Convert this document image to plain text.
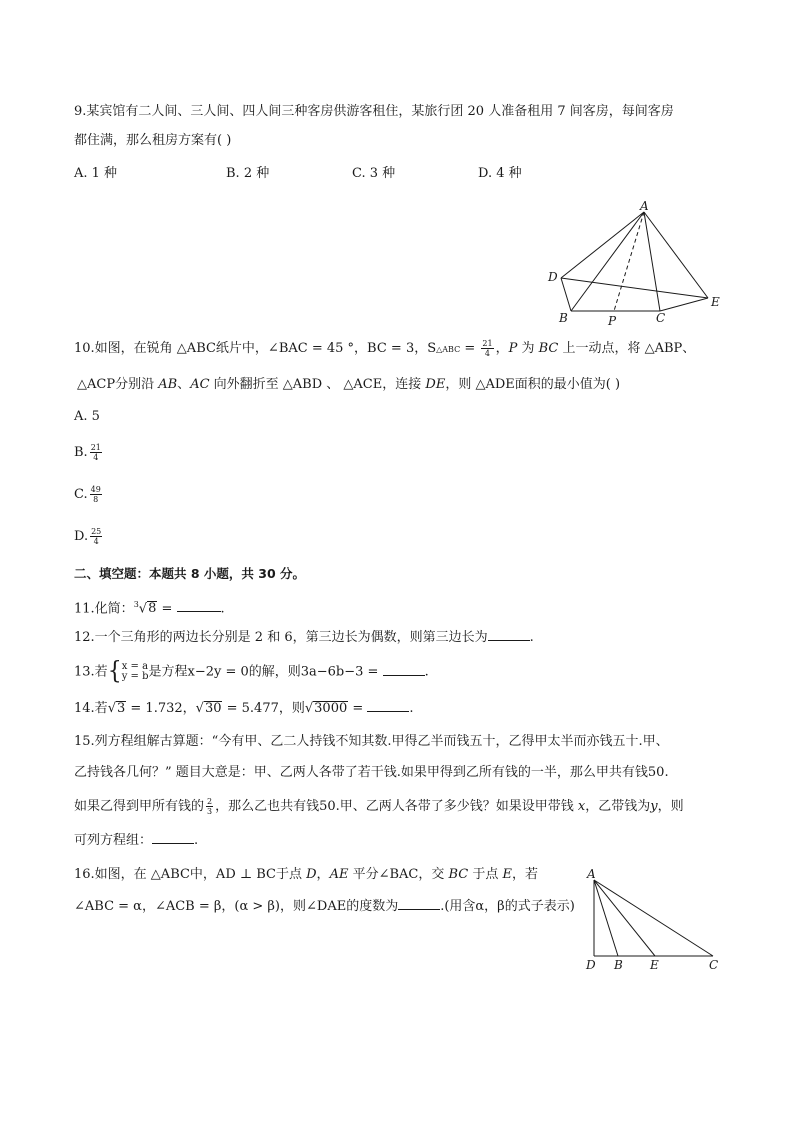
9.某宾馆有二人间、三人间、四人间三种客房供游客租住，某旅行团 20 人准备租用 7 间客房，每间客房
都住满，那么租房方案有( )
A. 1 种	B. 2 种	C. 3 种	D. 4 种
A
D
E
B	P	C
10.如图，在锐角 △ABC纸片中，∠BAC = 45 °，BC = 3，S△ABC = $\frac{21}{4}$ ，P 为 BC 上一动点，将 △ABP、
△ACP分别沿 AB、AC 向外翻折至 △ABD 、 △ACE，连接 DE，则 △ADE面积的最小值为( )
A. 5
B. $\frac{21}{4}$
C. $\frac{49}{8}$
D. $\frac{25}{4}$
二、填空题：本题共 8 小题，共 30 分。
11.化简：$^3$√8 =	.
12.一个三角形的两边长分别是 2 和 6，第三边长为偶数，则第三边长为	.
13.若{ x = a
y = b 是方程x−2y = 0的解，则3a−6b−3 =	.
14.若√3 = 1.732，√30 = 5.477，则√3000 =	.
15.列方程组解古算题：“今有甲、乙二人持钱不知其数.甲得乙半而钱五十，乙得甲太半而亦钱五十.甲、
乙持钱各几何？” 题目大意是：甲、乙两人各带了若干钱.如果甲得到乙所有钱的一半，那么甲共有钱50.
如果乙得到甲所有钱的 $\frac{2}{3}$ ，那么乙也共有钱50.甲、乙两人各带了多少钱？如果设甲带钱 x，乙带钱为y，则
可列方程组：	.
16.如图，在 △ABC中，AD ⊥ BC于点 D，AE 平分∠BAC，交 BC 于点 E，若
∠ABC = α，∠ACB = β，(α > β)，则∠DAE的度数为	.(用含α，β的式子表示)
A
D B E	C
